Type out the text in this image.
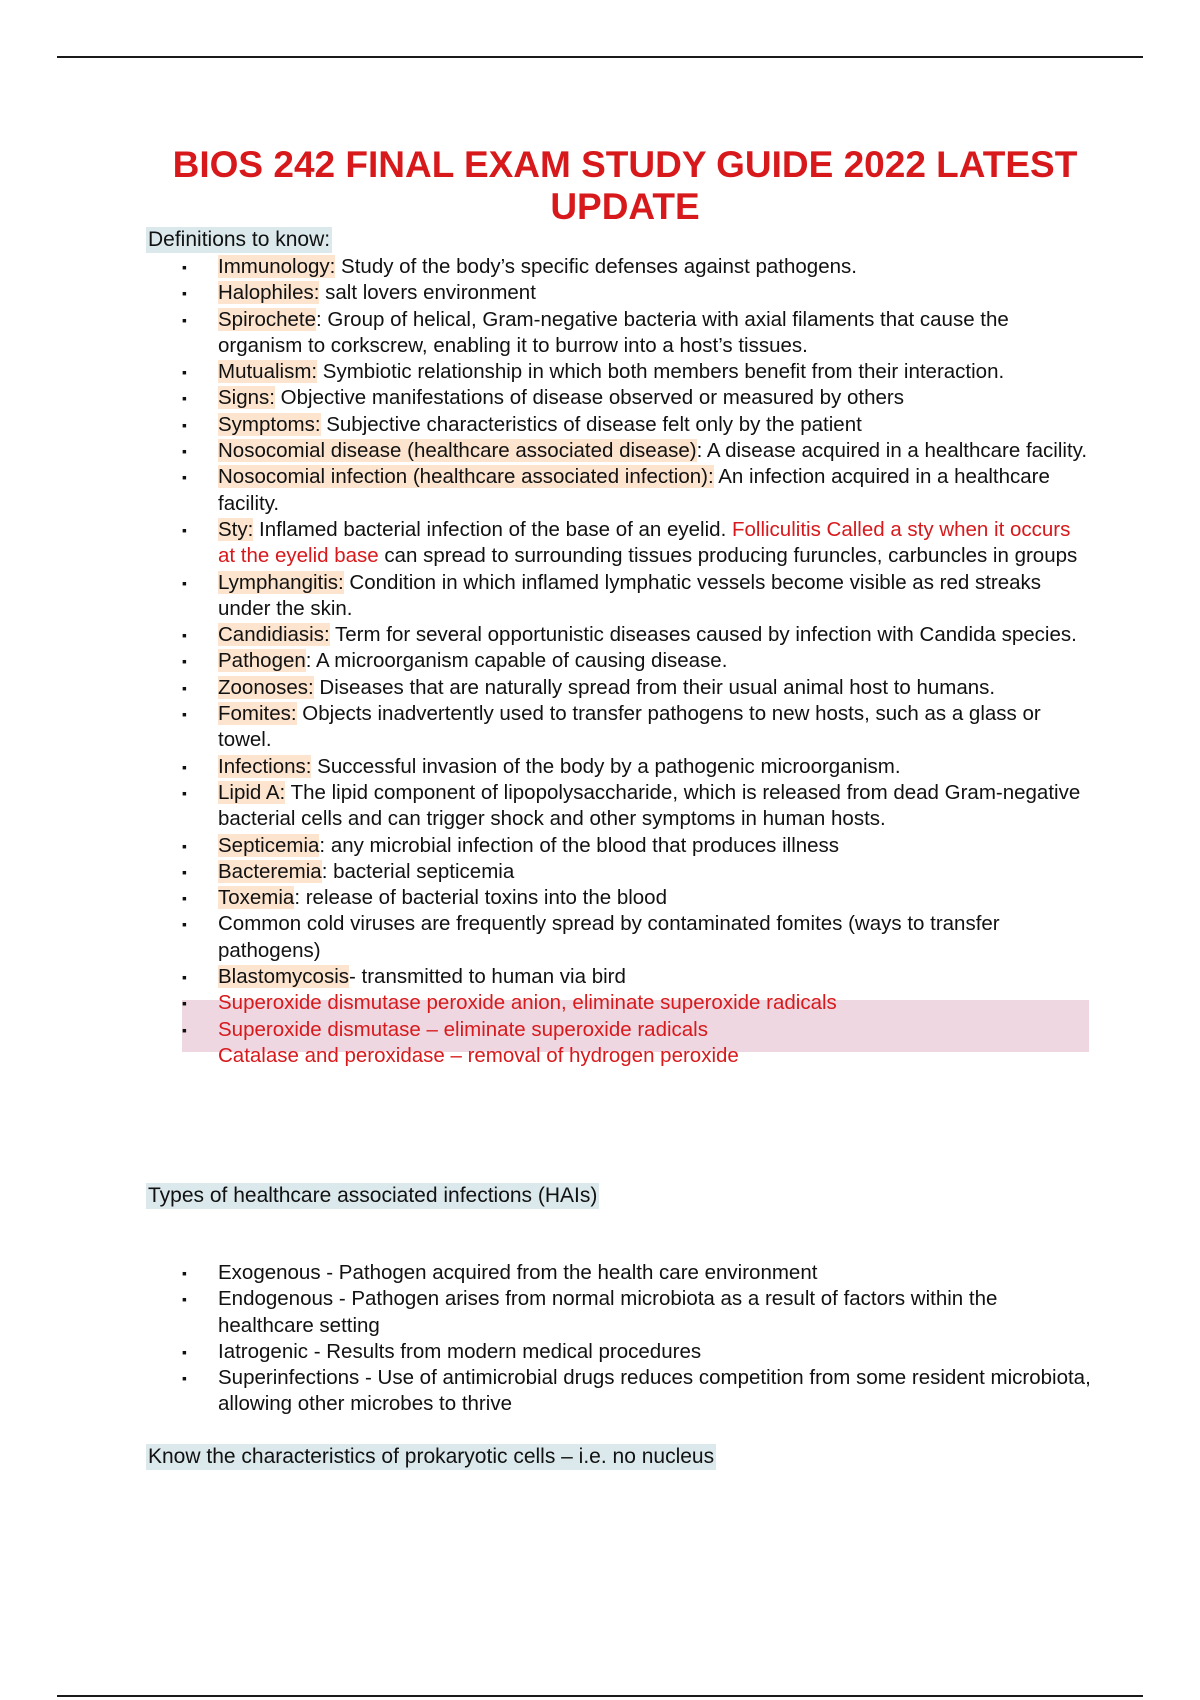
BIOS 242 FINAL EXAM STUDY GUIDE 2022 LATEST UPDATE

Definitions to know:

▪	Immunology: Study of the body’s specific defenses against pathogens.
▪	Halophiles: salt lovers environment
▪	Spirochete: Group of helical, Gram-negative bacteria with axial filaments that cause the organism to corkscrew, enabling it to burrow into a host’s tissues.
▪	Mutualism: Symbiotic relationship in which both members benefit from their interaction.
▪	Signs: Objective manifestations of disease observed or measured by others
▪	Symptoms: Subjective characteristics of disease felt only by the patient
▪	Nosocomial disease (healthcare associated disease): A disease acquired in a healthcare facility.
▪	Nosocomial infection (healthcare associated infection): An infection acquired in a healthcare facility.
▪	Sty: Inflamed bacterial infection of the base of an eyelid. Folliculitis Called a sty when it occurs at the eyelid base can spread to surrounding tissues producing furuncles, carbuncles in groups
▪	Lymphangitis: Condition in which inflamed lymphatic vessels become visible as red streaks under the skin.
▪	Candidiasis: Term for several opportunistic diseases caused by infection with Candida species.
▪	Pathogen: A microorganism capable of causing disease.
▪	Zoonoses: Diseases that are naturally spread from their usual animal host to humans.
▪	Fomites: Objects inadvertently used to transfer pathogens to new hosts, such as a glass or towel.
▪	Infections: Successful invasion of the body by a pathogenic microorganism.
▪	Lipid A: The lipid component of lipopolysaccharide, which is released from dead Gram-negative bacterial cells and can trigger shock and other symptoms in human hosts.
▪	Septicemia: any microbial infection of the blood that produces illness
▪	Bacteremia: bacterial septicemia
▪	Toxemia: release of bacterial toxins into the blood
▪	Common cold viruses are frequently spread by contaminated fomites (ways to transfer pathogens)
▪	Blastomycosis- transmitted to human via bird
▪	Superoxide dismutase peroxide anion, eliminate superoxide radicals
▪	Superoxide dismutase – eliminate superoxide radicals
Catalase and peroxidase – removal of hydrogen peroxide

Types of healthcare associated infections (HAIs)

▪	Exogenous - Pathogen acquired from the health care environment
▪	Endogenous - Pathogen arises from normal microbiota as a result of factors within the healthcare setting
▪	Iatrogenic - Results from modern medical procedures
▪	Superinfections - Use of antimicrobial drugs reduces competition from some resident microbiota, allowing other microbes to thrive

Know the characteristics of prokaryotic cells – i.e. no nucleus
